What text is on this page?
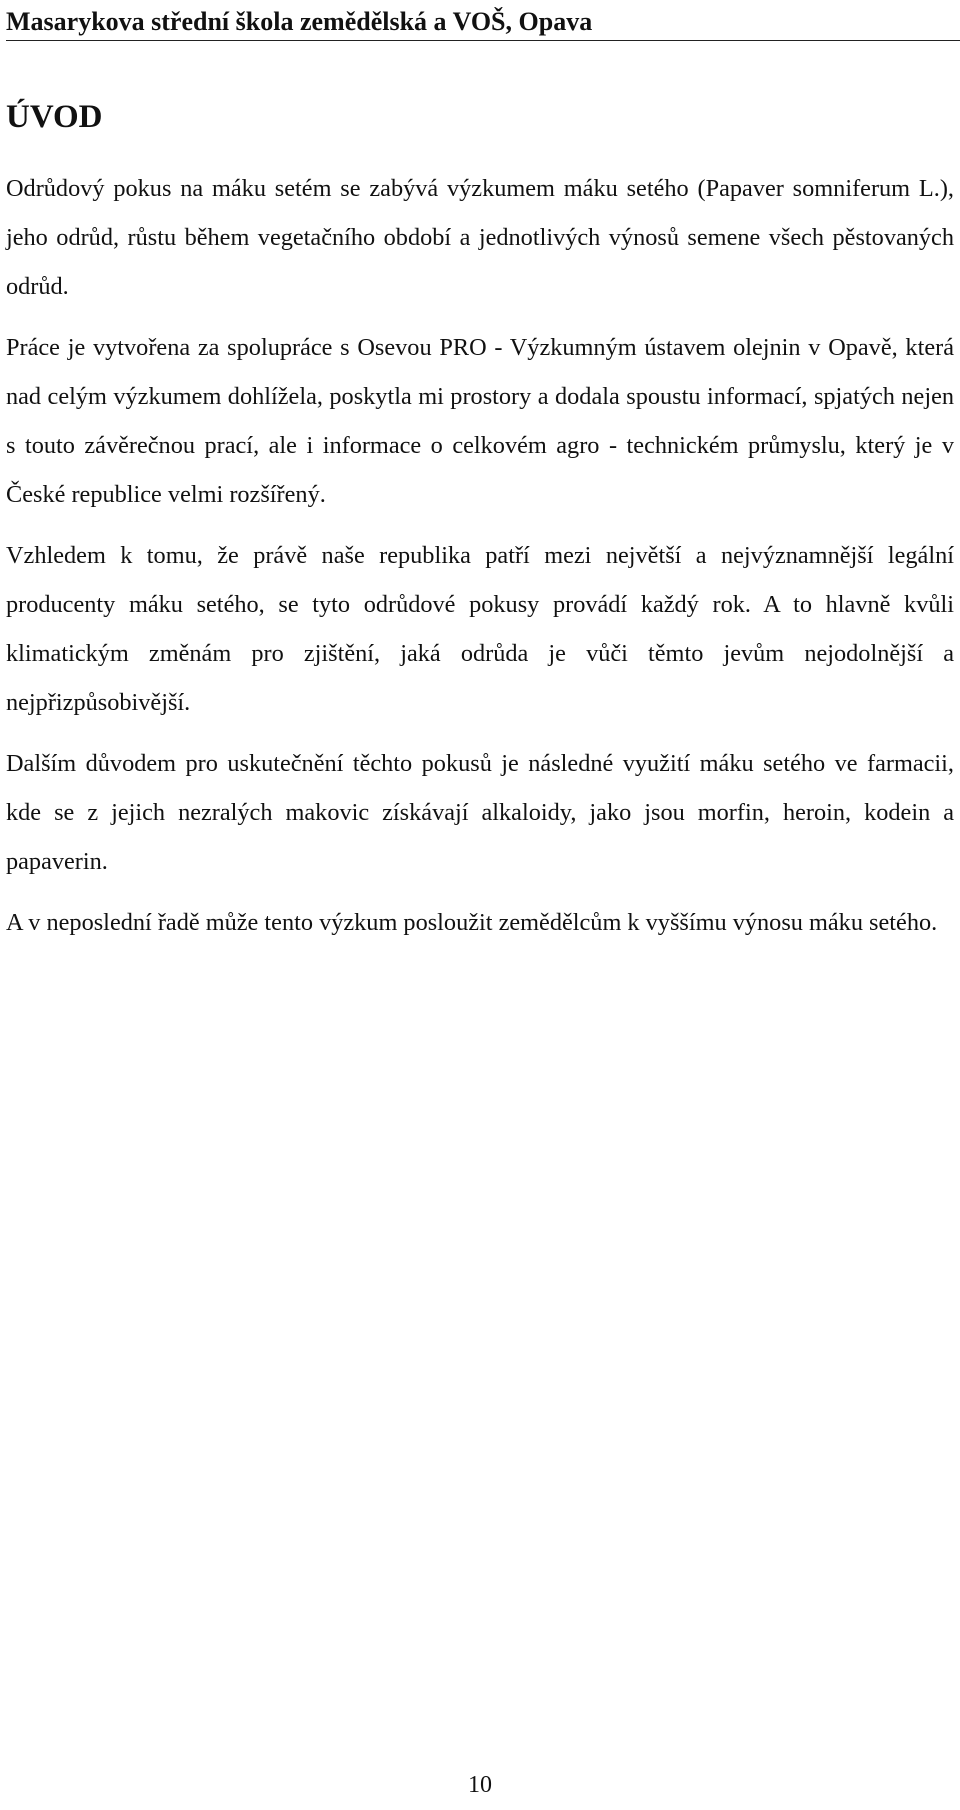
Masarykova střední škola zemědělská a VOŠ, Opava
ÚVOD

Odrůdový pokus na máku setém se zabývá výzkumem máku setého (Papaver somniferum L.), jeho odrůd, růstu během vegetačního období a jednotlivých výnosů semene všech pěstovaných odrůd.

Práce je vytvořena za spolupráce s Osevou PRO - Výzkumným ústavem olejnin v Opavě, která nad celým výzkumem dohlížela, poskytla mi prostory a dodala spoustu informací, spjatých nejen s touto závěrečnou prací, ale i informace o celkovém agro - technickém průmyslu, který je v České republice velmi rozšířený.

Vzhledem k tomu, že právě naše republika patří mezi největší a nejvýznamnější legální producenty máku setého, se tyto odrůdové pokusy provádí každý rok. A to hlavně kvůli klimatickým změnám pro zjištění, jaká odrůda je vůči těmto jevům nejodolnější a nejpřizpůsobivější.

Dalším důvodem pro uskutečnění těchto pokusů je následné využití máku setého ve farmacii, kde se z jejich nezralých makovic získávají alkaloidy, jako jsou morfin, heroin, kodein a papaverin.

A v neposlední řadě může tento výzkum posloužit zemědělcům k vyššímu výnosu máku setého.

10
